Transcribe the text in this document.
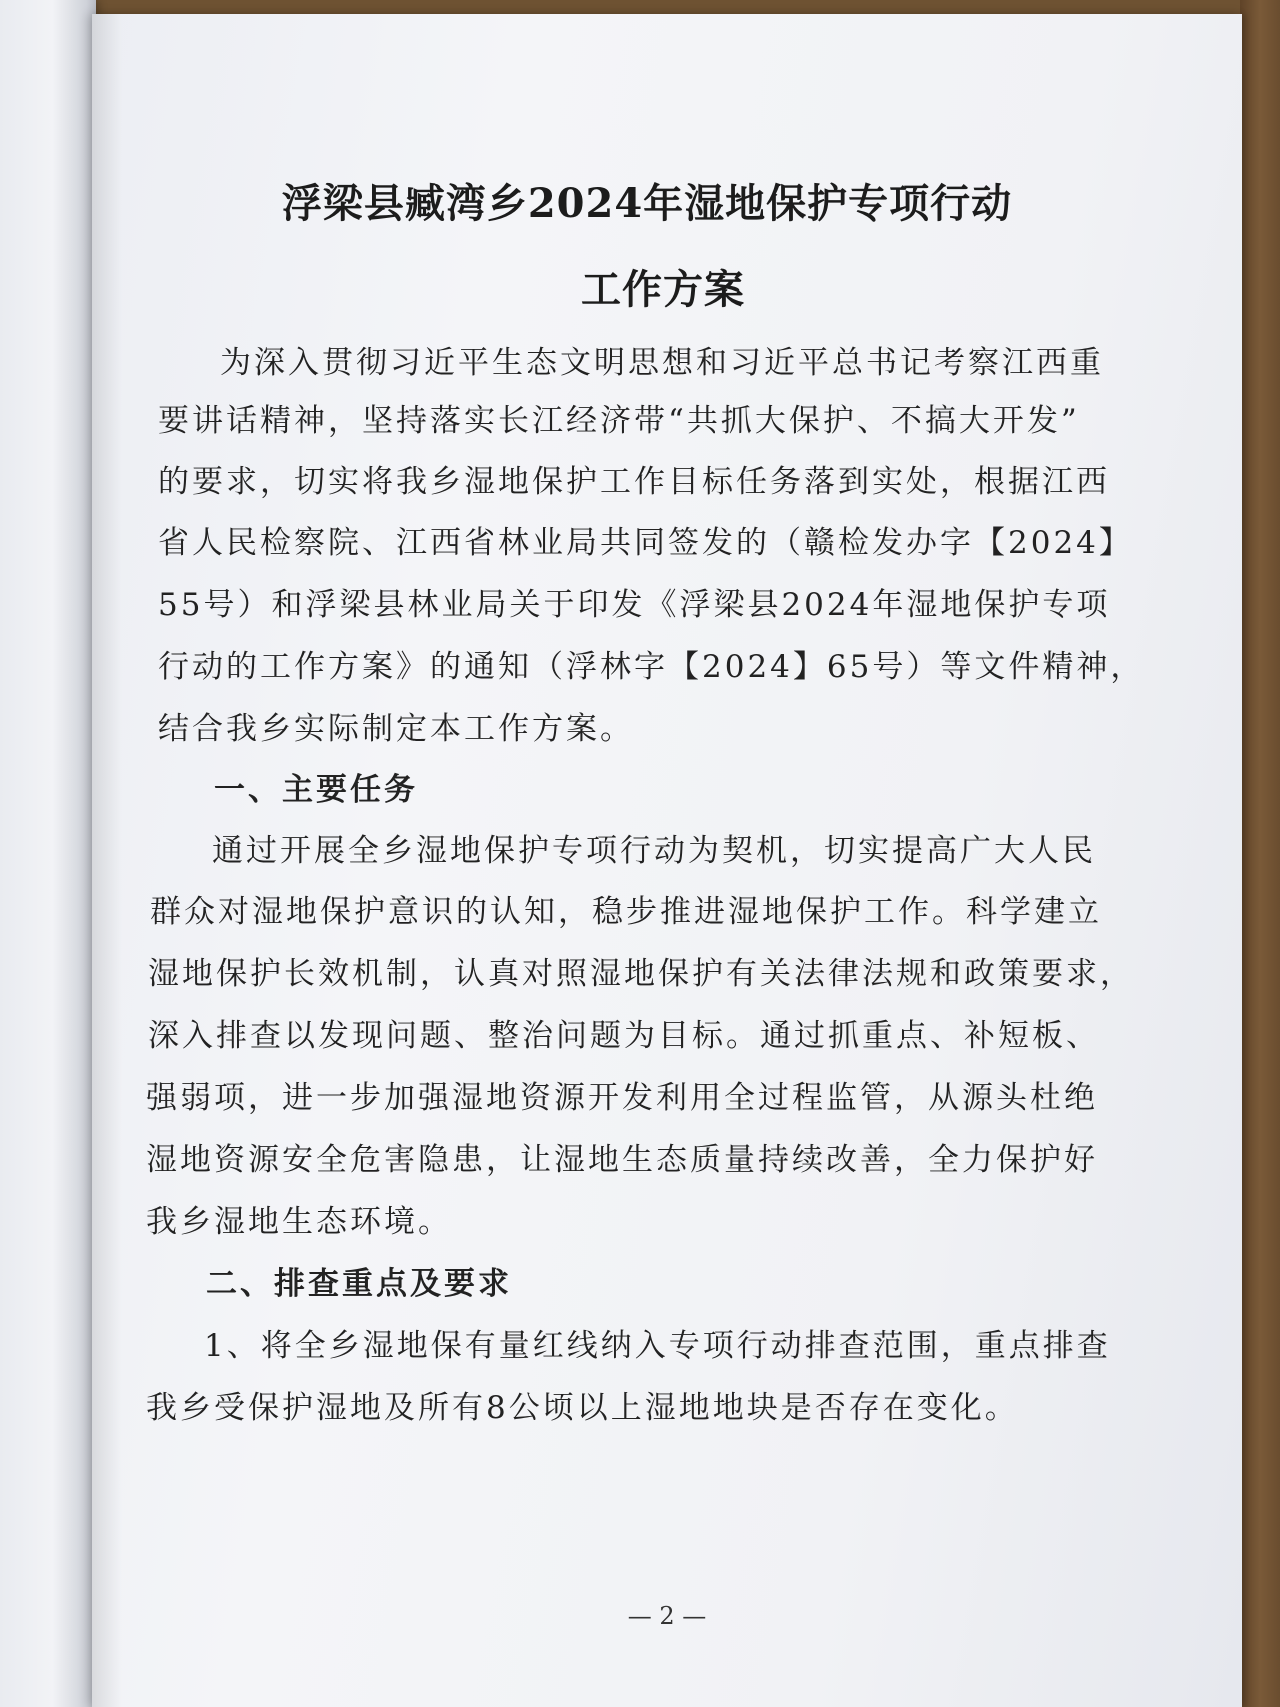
浮梁县臧湾乡2024年湿地保护专项行动
工作方案

为深入贯彻习近平生态文明思想和习近平总书记考察江西重

要讲话精神，坚持落实长江经济带“共抓大保护、不搞大开发”

的要求，切实将我乡湿地保护工作目标任务落到实处，根据江西

省人民检察院、江西省林业局共同签发的（赣检发办字【2024】

55号）和浮梁县林业局关于印发《浮梁县2024年湿地保护专项

行动的工作方案》的通知（浮林字【2024】65号）等文件精神，

结合我乡实际制定本工作方案。

一、主要任务

通过开展全乡湿地保护专项行动为契机，切实提高广大人民

群众对湿地保护意识的认知，稳步推进湿地保护工作。科学建立

湿地保护长效机制，认真对照湿地保护有关法律法规和政策要求，

深入排查以发现问题、整治问题为目标。通过抓重点、补短板、

强弱项，进一步加强湿地资源开发利用全过程监管，从源头杜绝

湿地资源安全危害隐患，让湿地生态质量持续改善，全力保护好

我乡湿地生态环境。

二、排查重点及要求

1、将全乡湿地保有量红线纳入专项行动排查范围，重点排查

我乡受保护湿地及所有8公顷以上湿地地块是否存在变化。

— 2 —
